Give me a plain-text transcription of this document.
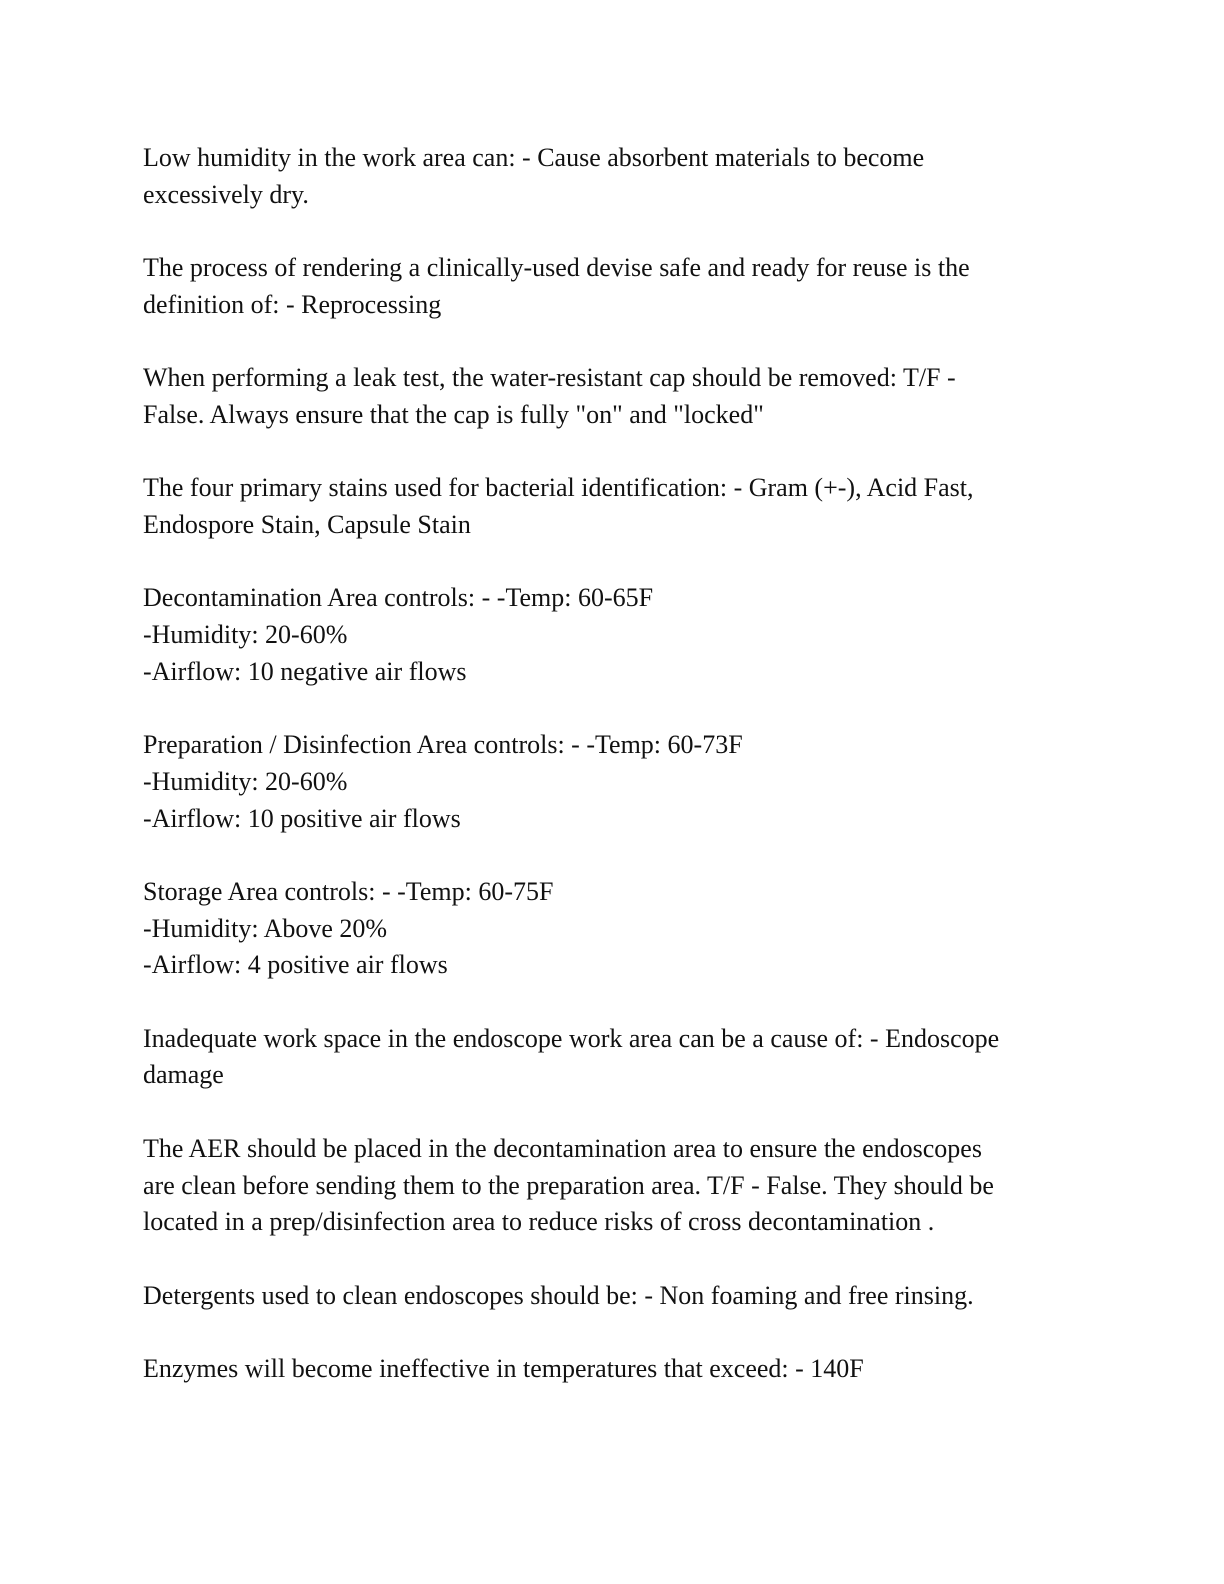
Low humidity in the work area can: - Cause absorbent materials to become
excessively dry.

The process of rendering a clinically-used devise safe and ready for reuse is the
definition of: - Reprocessing

When performing a leak test, the water-resistant cap should be removed: T/F -
False. Always ensure that the cap is fully "on" and "locked"

The four primary stains used for bacterial identification: - Gram (+-), Acid Fast,
Endospore Stain, Capsule Stain

Decontamination Area controls: - -Temp: 60-65F
-Humidity: 20-60%
-Airflow: 10 negative air flows

Preparation / Disinfection Area controls: - -Temp: 60-73F
-Humidity: 20-60%
-Airflow: 10 positive air flows

Storage Area controls: - -Temp: 60-75F
-Humidity: Above 20%
-Airflow: 4 positive air flows

Inadequate work space in the endoscope work area can be a cause of: - Endoscope
damage

The AER should be placed in the decontamination area to ensure the endoscopes
are clean before sending them to the preparation area. T/F - False. They should be
located in a prep/disinfection area to reduce risks of cross decontamination .

Detergents used to clean endoscopes should be: - Non foaming and free rinsing.

Enzymes will become ineffective in temperatures that exceed: - 140F
